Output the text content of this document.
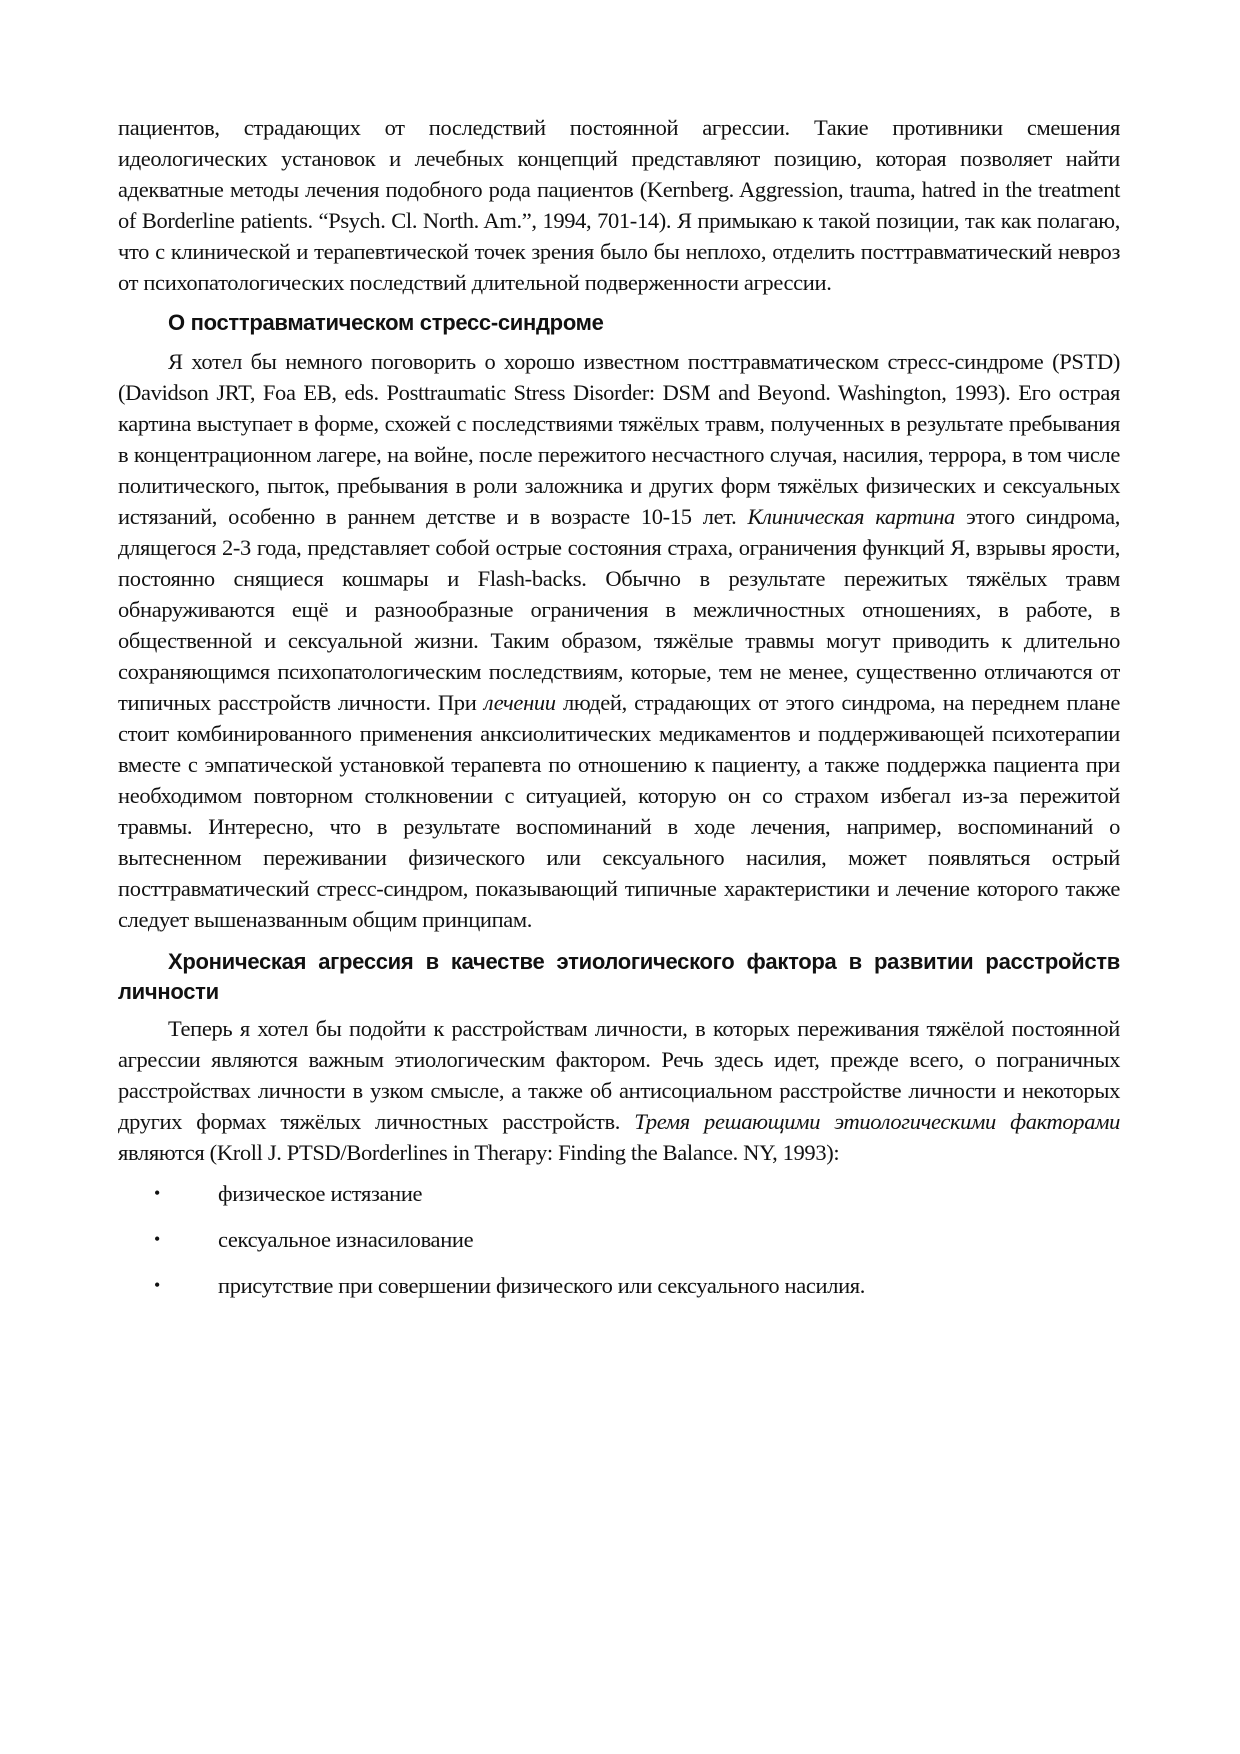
пациентов, страдающих от последствий постоянной агрессии. Такие противники смешения идеологических установок и лечебных концепций представляют позицию, которая позволяет найти адекватные методы лечения подобного рода пациентов (Kernberg. Aggression, trauma, hatred in the treatment of Borderline patients. “Psych. Cl. North. Am.”, 1994, 701-14). Я примыкаю к такой позиции, так как полагаю, что с клинической и терапевтической точек зрения было бы неплохо, отделить посттравматический невроз от психопатологических последствий длительной подверженности агрессии.

О посттравматическом стресс-синдроме

Я хотел бы немного поговорить о хорошо известном посттравматическом стресс-синдроме (PSTD) (Davidson JRT, Foa EB, eds. Posttraumatic Stress Disorder: DSM and Beyond. Washington, 1993). Его острая картина выступает в форме, схожей с последствиями тяжёлых травм, полученных в результате пребывания в концентрационном лагере, на войне, после пережитого несчастного случая, насилия, террора, в том числе политического, пыток, пребывания в роли заложника и других форм тяжёлых физических и сексуальных истязаний, особенно в раннем детстве и в возрасте 10-15 лет. Клиническая картина этого синдрома, длящегося 2-3 года, представляет собой острые состояния страха, ограничения функций Я, взрывы ярости, постоянно снящиеся кошмары и Flash-backs. Обычно в результате пережитых тяжёлых травм обнаруживаются ещё и разнообразные ограничения в межличностных отношениях, в работе, в общественной и сексуальной жизни. Таким образом, тяжёлые травмы могут приводить к длительно сохраняющимся психопатологическим последствиям, которые, тем не менее, существенно отличаются от типичных расстройств личности. При лечении людей, страдающих от этого синдрома, на переднем плане стоит комбинированного применения анксиолитических медикаментов и поддерживающей психотерапии вместе с эмпатической установкой терапевта по отношению к пациенту, а также поддержка пациента при необходимом повторном столкновении с ситуацией, которую он со страхом избегал из-за пережитой травмы. Интересно, что в результате воспоминаний в ходе лечения, например, воспоминаний о вытесненном переживании физического или сексуального насилия, может появляться острый посттравматический стресс-синдром, показывающий типичные характеристики и лечение которого также следует вышеназванным общим принципам.

Хроническая агрессия в качестве этиологического фактора в развитии расстройств личности

Теперь я хотел бы подойти к расстройствам личности, в которых переживания тяжёлой постоянной агрессии являются важным этиологическим фактором. Речь здесь идет, прежде всего, о пограничных расстройствах личности в узком смысле, а также об антисоциальном расстройстве личности и некоторых других формах тяжёлых личностных расстройств. Тремя решающими этиологическими факторами являются (Kroll J. PTSD/Borderlines in Therapy: Finding the Balance. NY, 1993):

•	физическое истязание
•	сексуальное изнасилование
•	присутствие при совершении физического или сексуального насилия.
